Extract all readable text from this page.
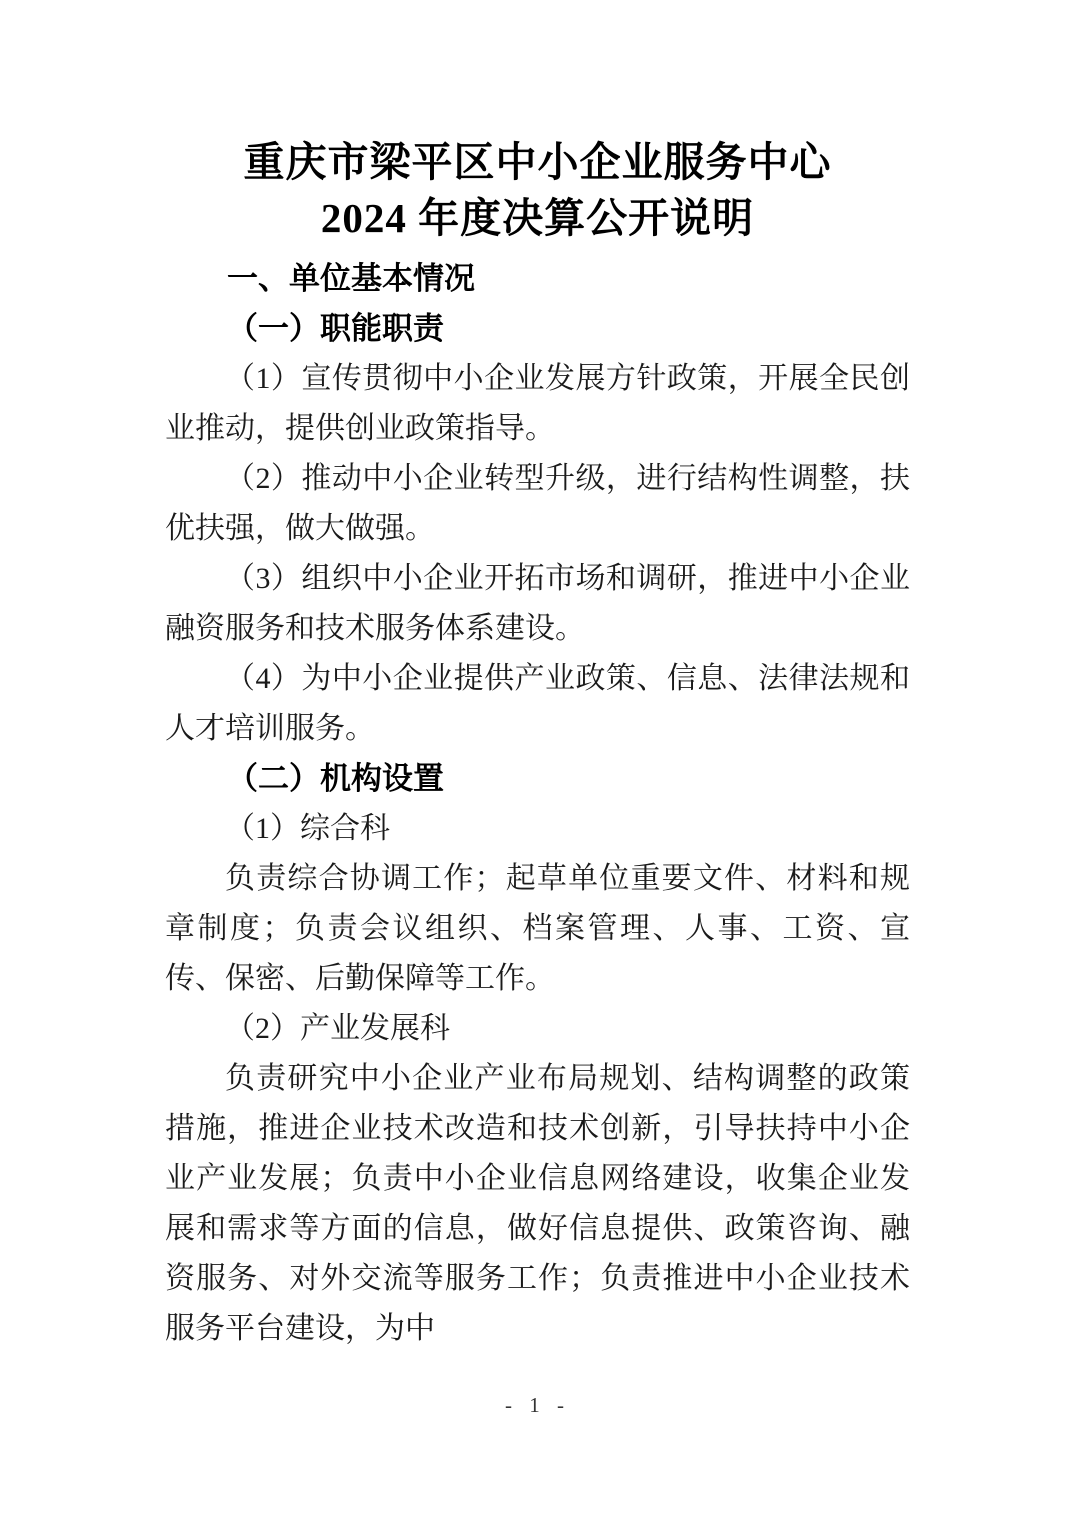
重庆市梁平区中小企业服务中心
2024 年度决算公开说明
一、单位基本情况
（一）职能职责

（1）宣传贯彻中小企业发展方针政策，开展全民创业推动，提供创业政策指导。

（2）推动中小企业转型升级，进行结构性调整，扶优扶强，做大做强。

（3）组织中小企业开拓市场和调研，推进中小企业融资服务和技术服务体系建设。

（4）为中小企业提供产业政策、信息、法律法规和人才培训服务。

（二）机构设置

（1）综合科

负责综合协调工作；起草单位重要文件、材料和规章制度；负责会议组织、档案管理、人事、工资、宣传、保密、后勤保障等工作。

（2）产业发展科

负责研究中小企业产业布局规划、结构调整的政策措施，推进企业技术改造和技术创新，引导扶持中小企业产业发展；负责中小企业信息网络建设，收集企业发展和需求等方面的信息，做好信息提供、政策咨询、融资服务、对外交流等服务工作；负责推进中小企业技术服务平台建设，为中

- 1 -
